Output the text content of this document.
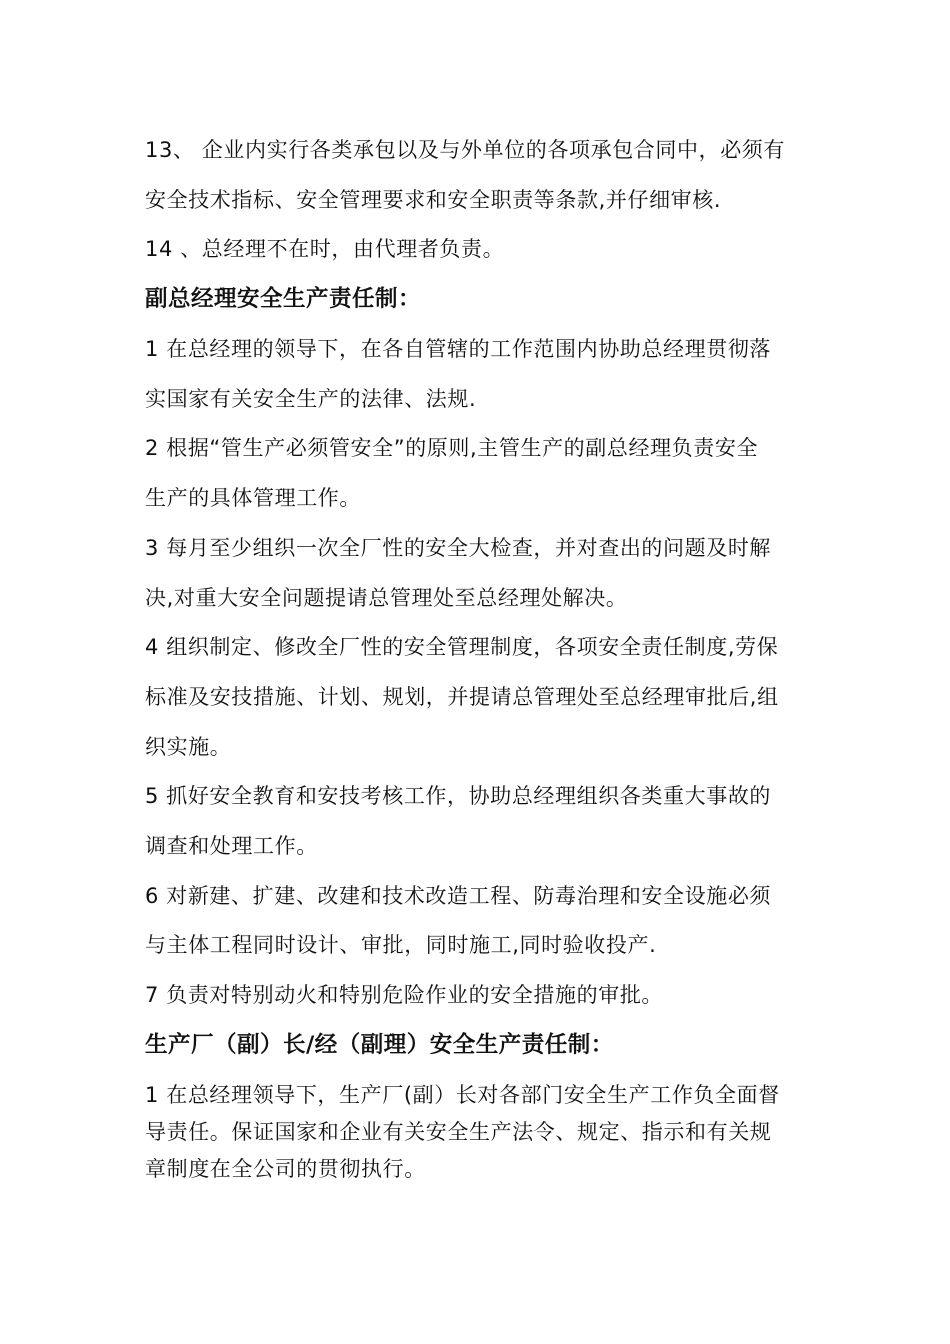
13、 企业内实行各类承包以及与外单位的各项承包合同中，必须有
安全技术指标、安全管理要求和安全职责等条款,并仔细审核.
14 、总经理不在时，由代理者负责。
副总经理安全生产责任制：
1 在总经理的领导下，在各自管辖的工作范围内协助总经理贯彻落
实国家有关安全生产的法律、法规.
2 根据“管生产必须管安全”的原则,主管生产的副总经理负责安全
生产的具体管理工作。
3 每月至少组织一次全厂性的安全大检查，并对查出的问题及时解
决,对重大安全问题提请总管理处至总经理处解决。
4 组织制定、修改全厂性的安全管理制度，各项安全责任制度,劳保
标准及安技措施、计划、规划，并提请总管理处至总经理审批后,组
织实施。
5 抓好安全教育和安技考核工作，协助总经理组织各类重大事故的
调查和处理工作。
6 对新建、扩建、改建和技术改造工程、防毒治理和安全设施必须
与主体工程同时设计、审批，同时施工,同时验收投产.
7 负责对特别动火和特别危险作业的安全措施的审批。
生产厂（副）长/经（副理）安全生产责任制：
1 在总经理领导下，生产厂(副）长对各部门安全生产工作负全面督
导责任。保证国家和企业有关安全生产法令、规定、指示和有关规
章制度在全公司的贯彻执行。
